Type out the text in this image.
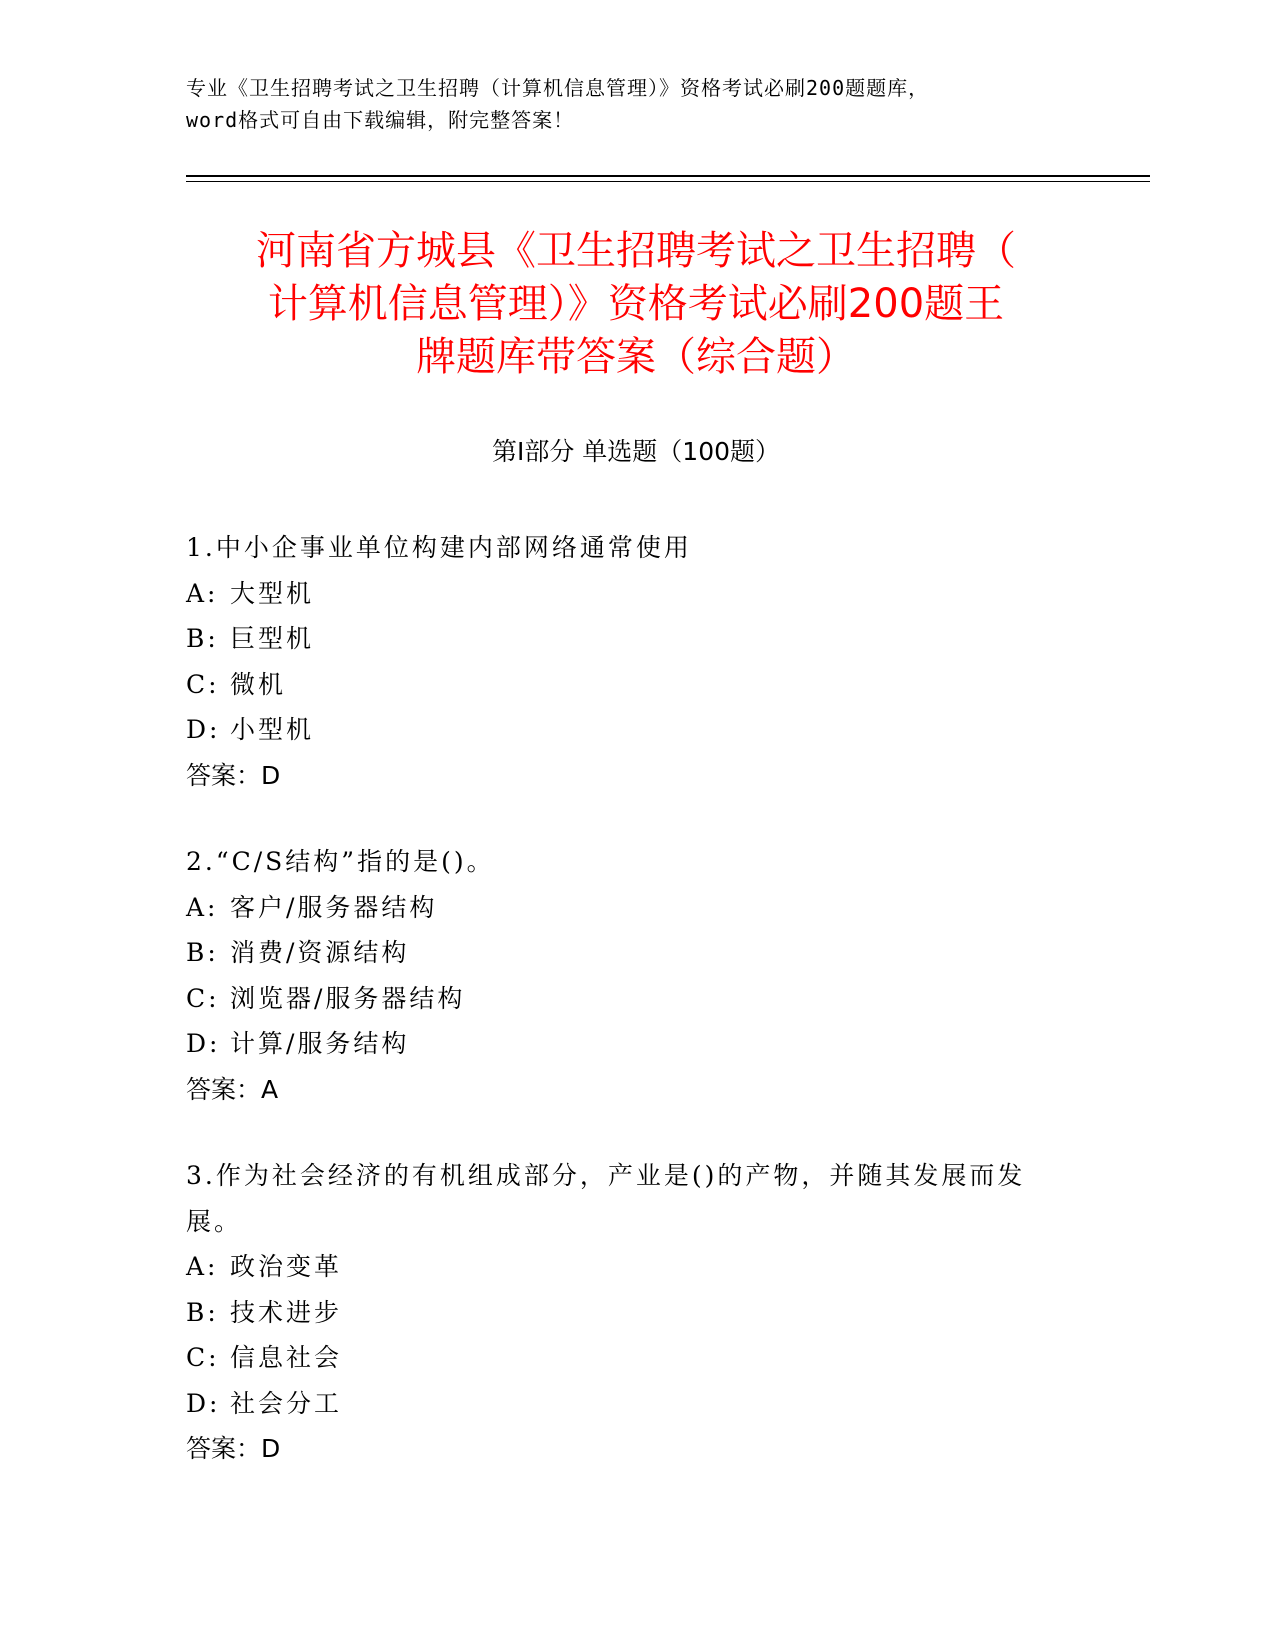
专业《卫生招聘考试之卫生招聘（计算机信息管理）》资格考试必刷200题题库，
word格式可自由下载编辑，附完整答案！
河南省方城县《卫生招聘考试之卫生招聘（
计算机信息管理）》资格考试必刷200题王
牌题库带答案（综合题）
第I部分 单选题（100题）
1.中小企事业单位构建内部网络通常使用
A: 大型机
B: 巨型机
C: 微机
D: 小型机
答案：D
2.“C/S结构”指的是()。
A: 客户/服务器结构
B: 消费/资源结构
C: 浏览器/服务器结构
D: 计算/服务结构
答案：A
3.作为社会经济的有机组成部分，产业是()的产物，并随其发展而发
展。
A: 政治变革
B: 技术进步
C: 信息社会
D: 社会分工
答案：D
